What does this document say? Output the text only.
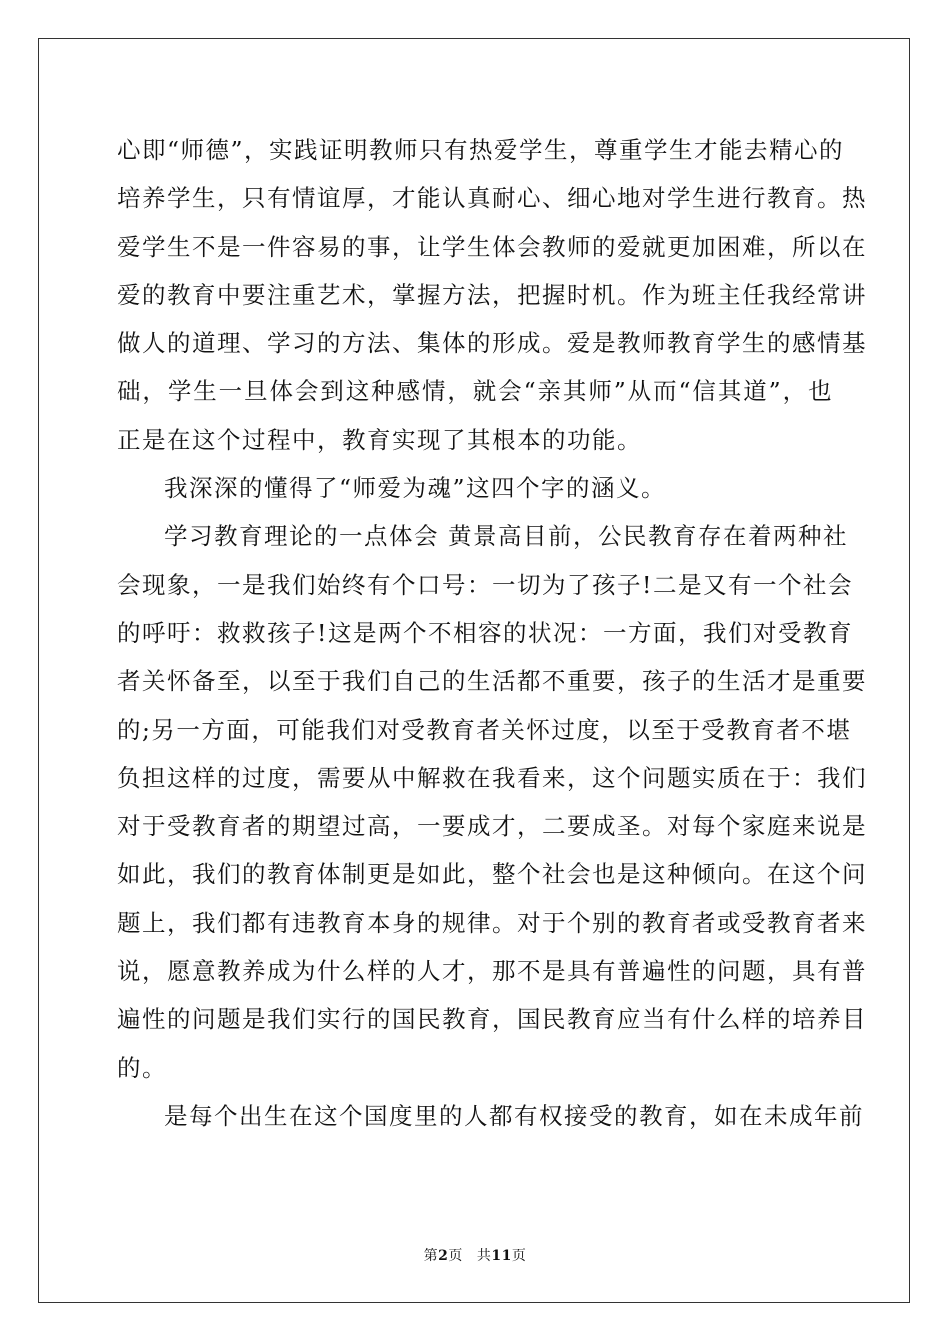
心即“师德”，实践证明教师只有热爱学生，尊重学生才能去精心的
培养学生，只有情谊厚，才能认真耐心、细心地对学生进行教育。热
爱学生不是一件容易的事，让学生体会教师的爱就更加困难，所以在
爱的教育中要注重艺术，掌握方法，把握时机。作为班主任我经常讲
做人的道理、学习的方法、集体的形成。爱是教师教育学生的感情基
础，学生一旦体会到这种感情，就会“亲其师”从而“信其道”，也
正是在这个过程中，教育实现了其根本的功能。
我深深的懂得了“师爱为魂”这四个字的涵义。
学习教育理论的一点体会 黄景高目前，公民教育存在着两种社
会现象，一是我们始终有个口号：一切为了孩子!二是又有一个社会
的呼吁：救救孩子!这是两个不相容的状况：一方面，我们对受教育
者关怀备至，以至于我们自己的生活都不重要，孩子的生活才是重要
的;另一方面，可能我们对受教育者关怀过度，以至于受教育者不堪
负担这样的过度，需要从中解救在我看来，这个问题实质在于：我们
对于受教育者的期望过高，一要成才，二要成圣。对每个家庭来说是
如此，我们的教育体制更是如此，整个社会也是这种倾向。在这个问
题上，我们都有违教育本身的规律。对于个别的教育者或受教育者来
说，愿意教养成为什么样的人才，那不是具有普遍性的问题，具有普
遍性的问题是我们实行的国民教育，国民教育应当有什么样的培养目
的。
是每个出生在这个国度里的人都有权接受的教育，如在未成年前
第2页 共11页
